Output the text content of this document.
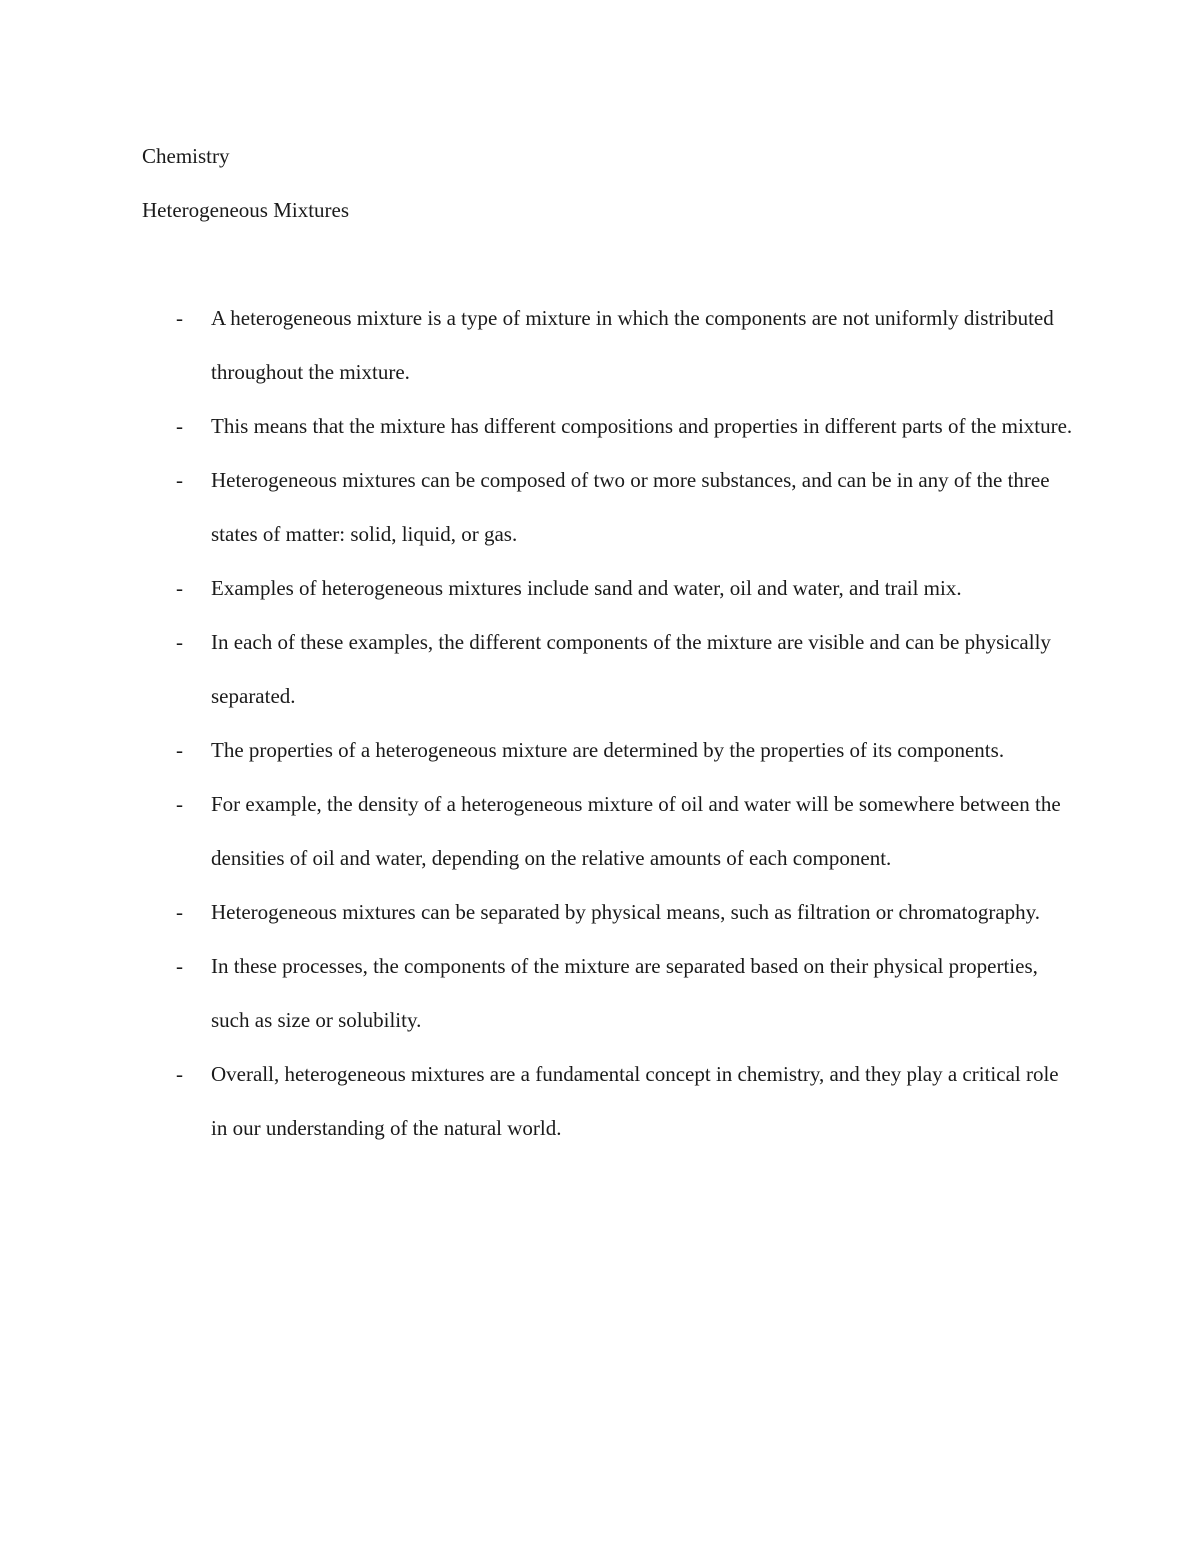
Chemistry
Heterogeneous Mixtures
- A heterogeneous mixture is a type of mixture in which the components are not uniformly distributed throughout the mixture.
- This means that the mixture has different compositions and properties in different parts of the mixture.
- Heterogeneous mixtures can be composed of two or more substances, and can be in any of the three states of matter: solid, liquid, or gas.
- Examples of heterogeneous mixtures include sand and water, oil and water, and trail mix.
- In each of these examples, the different components of the mixture are visible and can be physically separated.
- The properties of a heterogeneous mixture are determined by the properties of its components.
- For example, the density of a heterogeneous mixture of oil and water will be somewhere between the densities of oil and water, depending on the relative amounts of each component.
- Heterogeneous mixtures can be separated by physical means, such as filtration or chromatography.
- In these processes, the components of the mixture are separated based on their physical properties, such as size or solubility.
- Overall, heterogeneous mixtures are a fundamental concept in chemistry, and they play a critical role in our understanding of the natural world.
